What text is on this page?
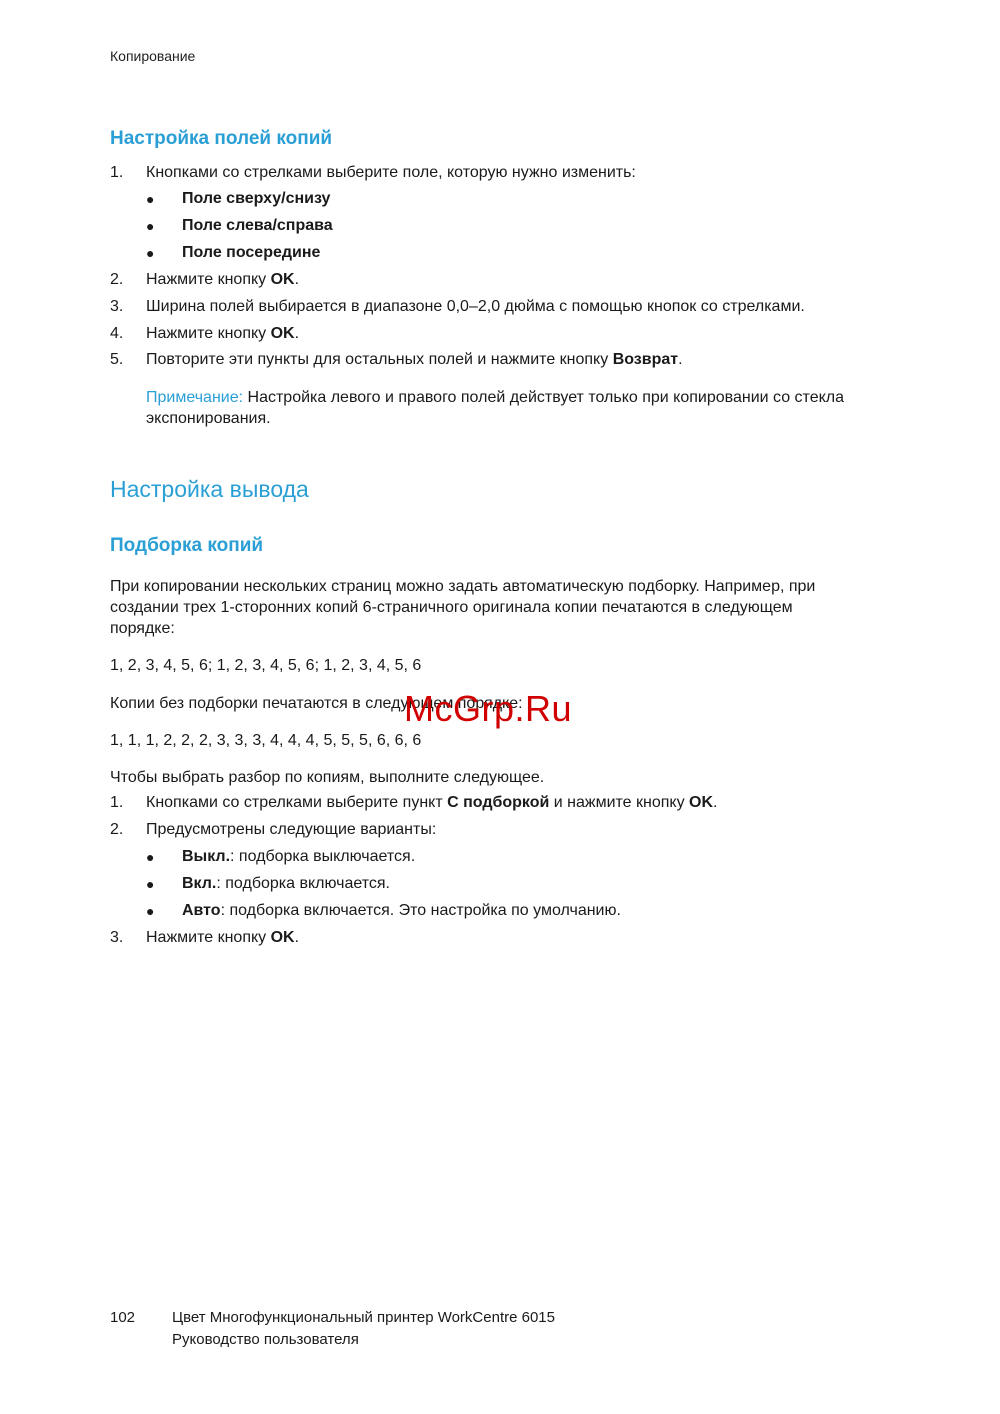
Копирование
Настройка полей копий
1. Кнопками со стрелками выберите поле, которую нужно изменить:
● Поле сверху/снизу
● Поле слева/справа
● Поле посередине
2. Нажмите кнопку OK.
3. Ширина полей выбирается в диапазоне 0,0–2,0 дюйма с помощью кнопок со стрелками.
4. Нажмите кнопку OK.
5. Повторите эти пункты для остальных полей и нажмите кнопку Возврат.
Примечание: Настройка левого и правого полей действует только при копировании со стекла
экспонирования.
Настройка вывода
Подборка копий
При копировании нескольких страниц можно задать автоматическую подборку. Например, при
создании трех 1-сторонних копий 6-страничного оригинала копии печатаются в следующем
порядке:
1, 2, 3, 4, 5, 6; 1, 2, 3, 4, 5, 6; 1, 2, 3, 4, 5, 6
Копии без подборки печатаются в следующем порядке:
1, 1, 1, 2, 2, 2, 3, 3, 3, 4, 4, 4, 5, 5, 5, 6, 6, 6
Чтобы выбрать разбор по копиям, выполните следующее.
1. Кнопками со стрелками выберите пункт С подборкой и нажмите кнопку OK.
2. Предусмотрены следующие варианты:
● Выкл.: подборка выключается.
● Вкл.: подборка включается.
● Авто: подборка включается. Это настройка по умолчанию.
3. Нажмите кнопку OK.
McGrp.Ru
102 Цвет Многофункциональный принтер WorkCentre 6015
Руководство пользователя
